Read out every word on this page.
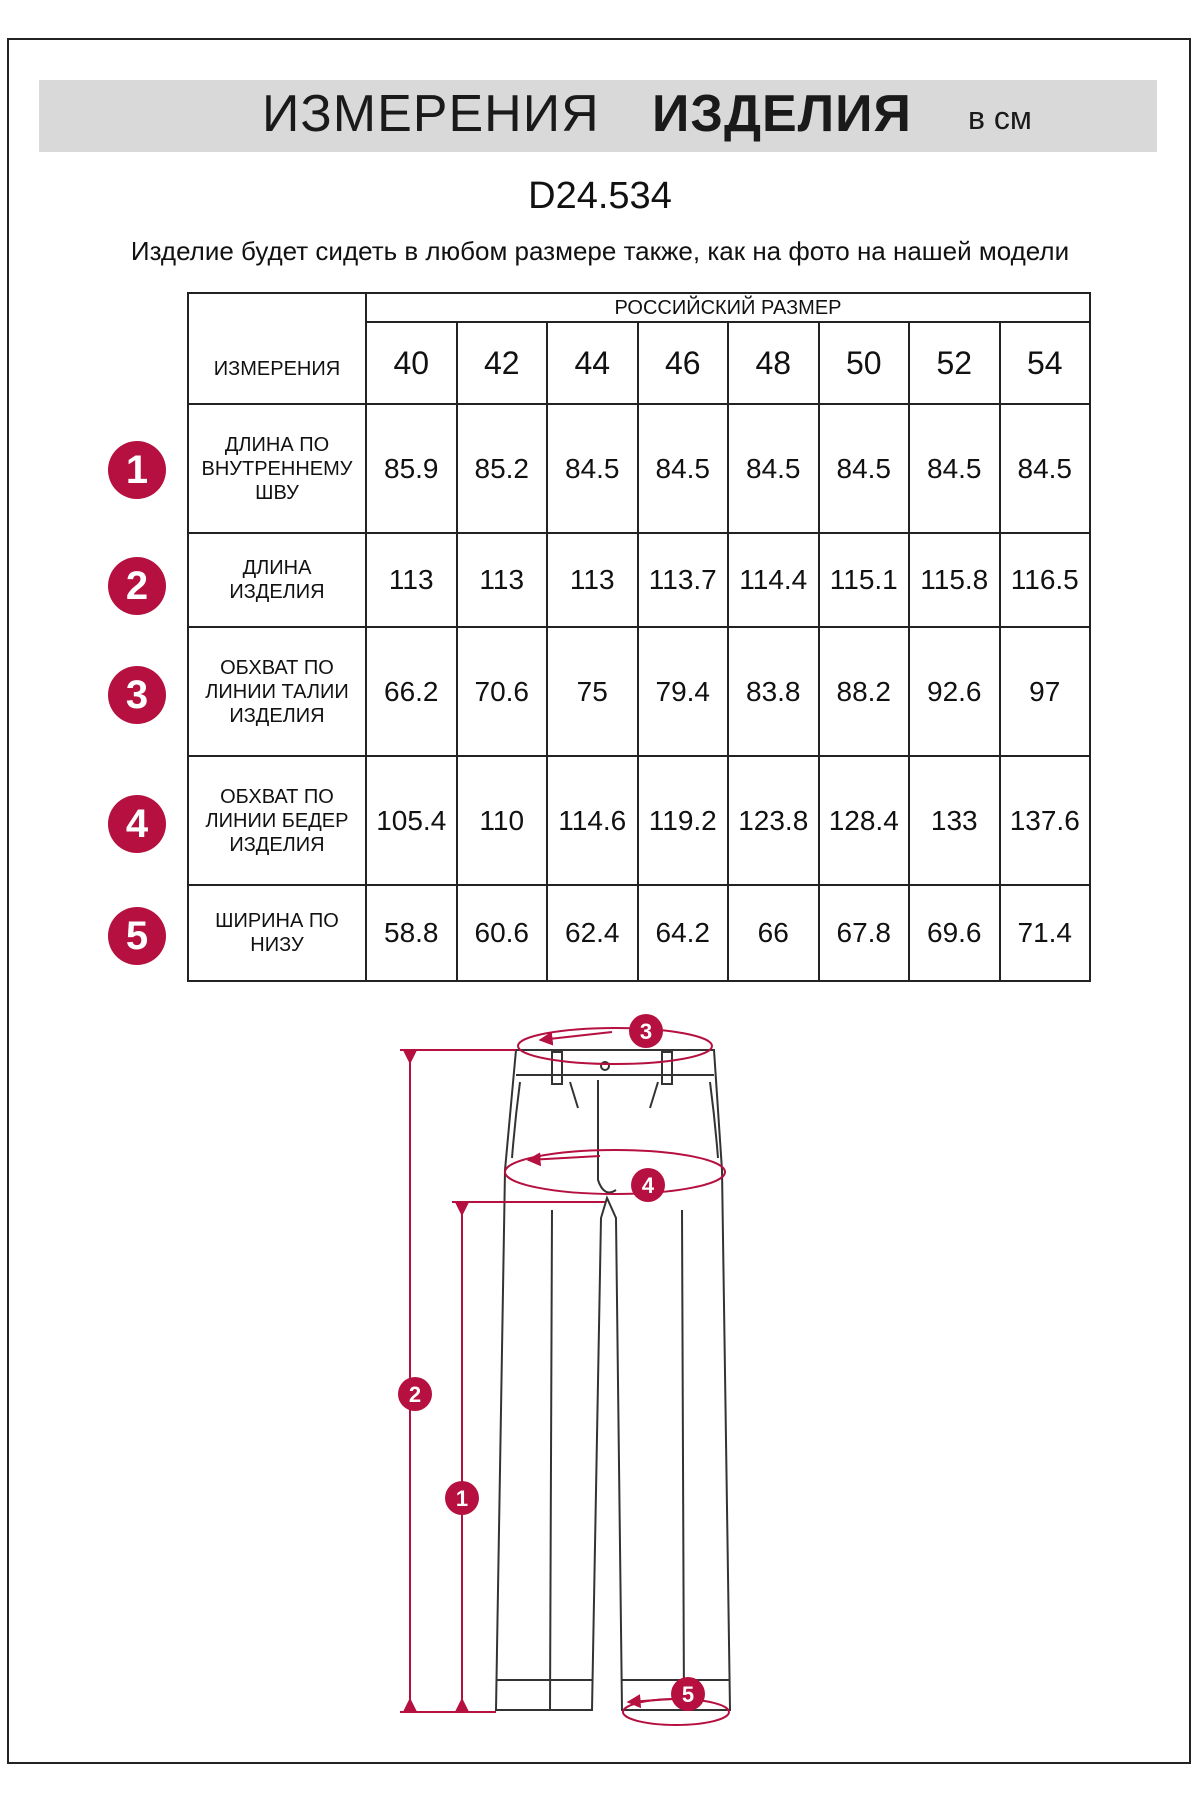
ИЗМЕРЕНИЯ ИЗДЕЛИЯ в см
D24.534
Изделие будет сидеть в любом размере также, как на фото на нашей модели
ИЗМЕРЕНИЯ	РОССИЙСКИЙ РАЗМЕР							
	40	42	44	46	48	50	52	54
ДЛИНА ПО
ВНУТРЕННЕМУ
ШВУ	85.9	85.2	84.5	84.5	84.5	84.5	84.5	84.5
ДЛИНА
ИЗДЕЛИЯ	113	113	113	113.7	114.4	115.1	115.8	116.5
ОБХВАТ ПО
ЛИНИИ ТАЛИИ
ИЗДЕЛИЯ	66.2	70.6	75	79.4	83.8	88.2	92.6	97
ОБХВАТ ПО
ЛИНИИ БЕДЕР
ИЗДЕЛИЯ	105.4	110	114.6	119.2	123.8	128.4	133	137.6
ШИРИНА ПО
НИЗУ	58.8	60.6	62.4	64.2	66	67.8	69.6	71.4
1
2
3
4
5
3
4
2
1
5
